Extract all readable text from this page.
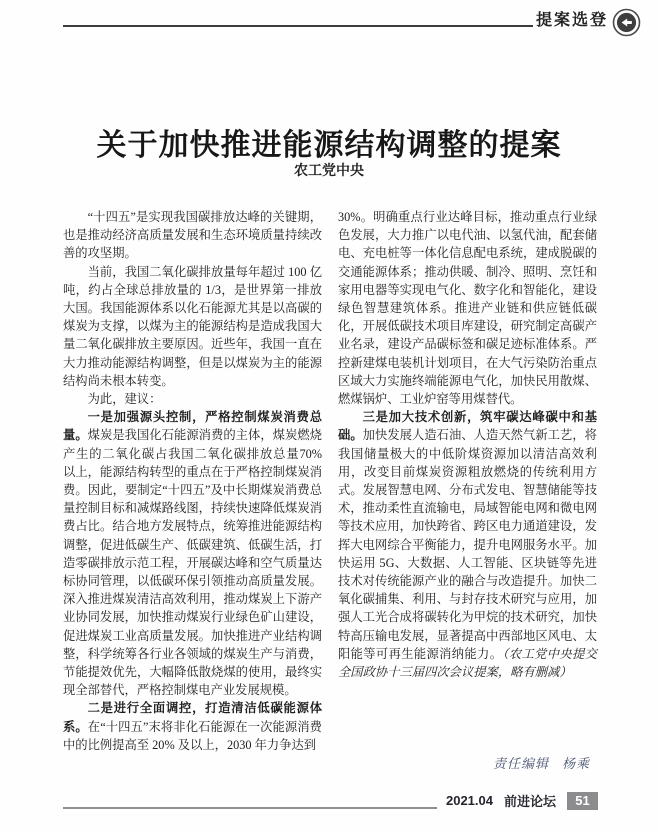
提案选登
关于加快推进能源结构调整的提案
农工党中央

“十四五”是实现我国碳排放达峰的关键期，也是推动经济高质量发展和生态环境质量持续改善的攻坚期。

当前，我国二氧化碳排放量每年超过 100 亿吨，约占全球总排放量的 1/3，是世界第一排放大国。我国能源体系以化石能源尤其是以高碳的煤炭为支撑，以煤为主的能源结构是造成我国大量二氧化碳排放主要原因。近些年，我国一直在大力推动能源结构调整，但是以煤炭为主的能源结构尚未根本转变。

为此，建议：

一是加强源头控制，严格控制煤炭消费总量。煤炭是我国化石能源消费的主体，煤炭燃烧产生的二氧化碳占我国二氧化碳排放总量70% 以上，能源结构转型的重点在于严格控制煤炭消费。因此，要制定“十四五”及中长期煤炭消费总量控制目标和减煤路线图，持续快速降低煤炭消费占比。结合地方发展特点，统筹推进能源结构调整，促进低碳生产、低碳建筑、低碳生活，打造零碳排放示范工程，开展碳达峰和空气质量达标协同管理，以低碳环保引领推动高质量发展。深入推进煤炭清洁高效利用，推动煤炭上下游产业协同发展，加快推动煤炭行业绿色矿山建设，促进煤炭工业高质量发展。加快推进产业结构调整，科学统筹各行业各领域的煤炭生产与消费，节能提效优先，大幅降低散烧煤的使用，最终实现全部替代，严格控制煤电产业发展规模。

二是进行全面调控，打造清洁低碳能源体系。在“十四五”末将非化石能源在一次能源消费中的比例提高至 20% 及以上，2030 年力争达到

30%。明确重点行业达峰目标，推动重点行业绿色发展，大力推广以电代油、以氢代油，配套储电、充电桩等一体化信息配电系统，建成脱碳的交通能源体系；推动供暖、制冷、照明、烹饪和家用电器等实现电气化、数字化和智能化，建设绿色智慧建筑体系。推进产业链和供应链低碳化，开展低碳技术项目库建设，研究制定高碳产业名录，建设产品碳标签和碳足迹标准体系。严控新建煤电装机计划项目，在大气污染防治重点区域大力实施终端能源电气化，加快民用散煤、燃煤锅炉、工业炉窑等用煤替代。

三是加大技术创新，筑牢碳达峰碳中和基础。加快发展人造石油、人造天然气新工艺，将我国储量极大的中低阶煤资源加以清洁高效利用，改变目前煤炭资源粗放燃烧的传统利用方式。发展智慧电网、分布式发电、智慧储能等技术，推动柔性直流输电，局域智能电网和微电网等技术应用，加快跨省、跨区电力通道建设，发挥大电网综合平衡能力，提升电网服务水平。加快运用 5G、大数据、人工智能、区块链等先进技术对传统能源产业的融合与改造提升。加快二氧化碳捕集、利用、与封存技术研究与应用，加强人工光合成将碳转化为甲烷的技术研究，加快特高压输电发展，显著提高中西部地区风电、太阳能等可再生能源消纳能力。（农工党中央提交全国政协十三届四次会议提案，略有删减）

责任编辑 杨乘
2021.04 前进论坛	51
